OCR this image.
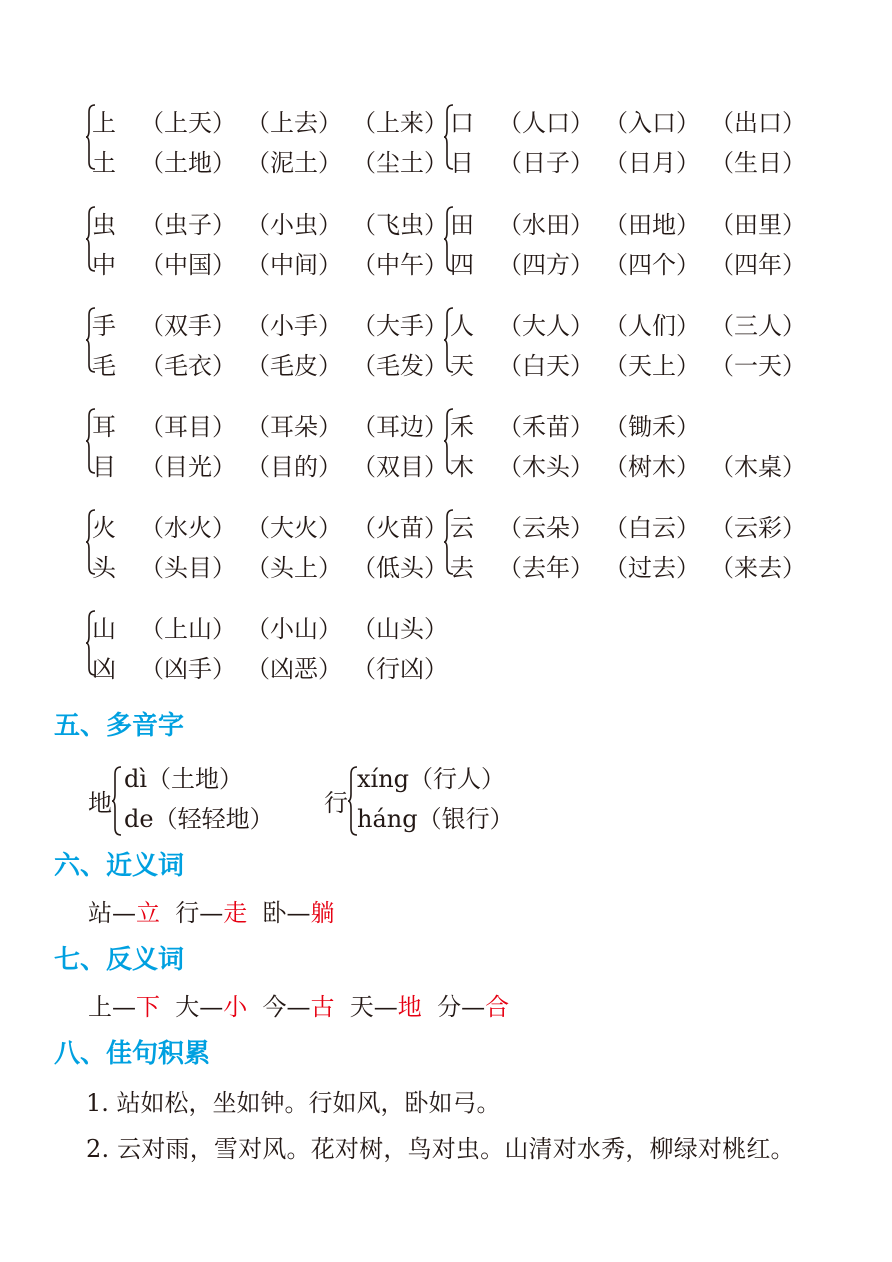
上 （上天） （上去） （上来）
土 （土地） （泥土） （尘土）
口 （人口） （入口） （出口）
日 （日子） （日月） （生日）
虫 （虫子） （小虫） （飞虫）
中 （中国） （中间） （中午）
田 （水田） （田地） （田里）
四 （四方） （四个） （四年）
手 （双手） （小手） （大手）
毛 （毛衣） （毛皮） （毛发）
人 （大人） （人们） （三人）
天 （白天） （天上） （一天）
耳 （耳目） （耳朵） （耳边）
目 （目光） （目的） （双目）
禾 （禾苗） （锄禾）
木 （木头） （树木） （木桌）
火 （水火） （大火） （火苗）
头 （头目） （头上） （低头）
云 （云朵） （白云） （云彩）
去 （去年） （过去） （来去）
山 （上山） （小山） （山头）
凶 （凶手） （凶恶） （行凶）
五、多音字
地
dì（土地）
de（轻轻地）
行
xíng（行人）
háng（银行）
六、近义词
站—立 行—走 卧—躺
七、反义词
上—下 大—小 今—古 天—地 分—合
八、佳句积累
1. 站如松，坐如钟。行如风，卧如弓。
2. 云对雨，雪对风。花对树，鸟对虫。山清对水秀，柳绿对桃红。
